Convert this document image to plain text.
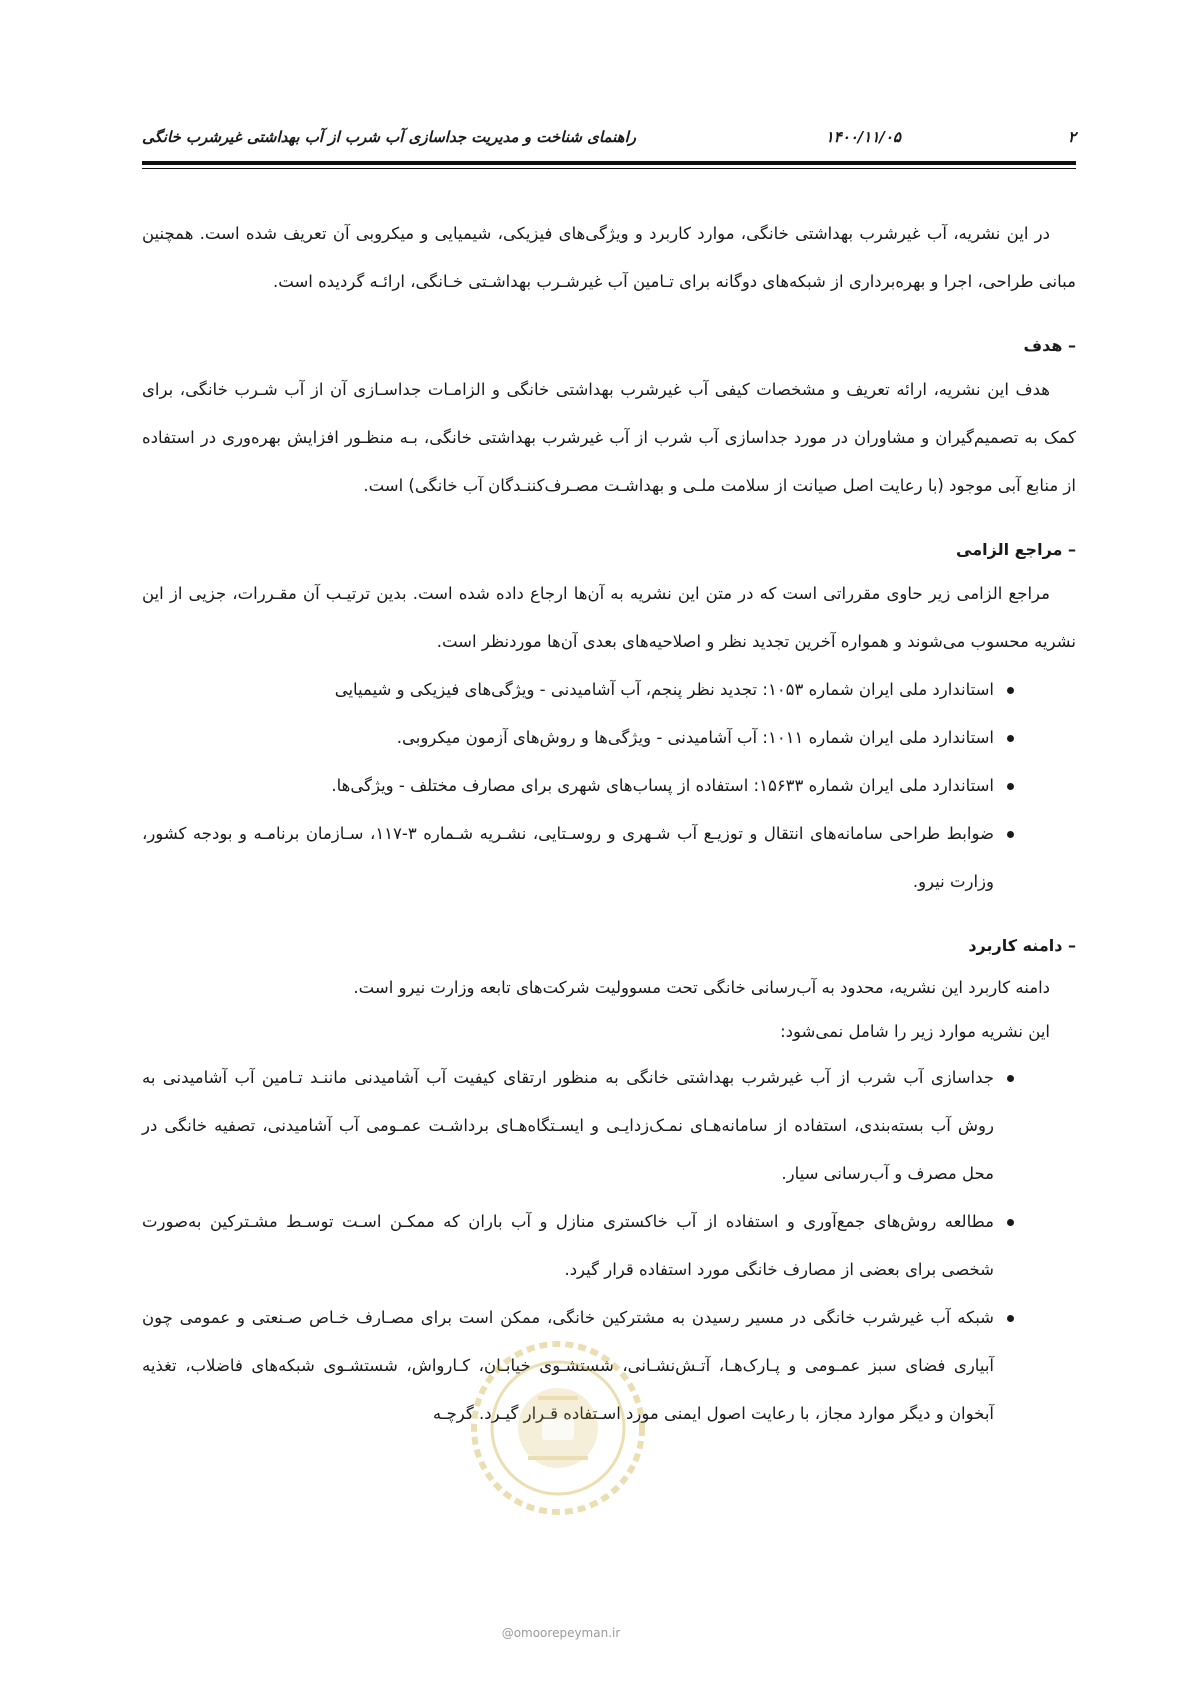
۲
۱۴۰۰/۱۱/۰۵
راهنمای شناخت و مدیریت جداسازی آب شرب از آب بهداشتی غیرشرب خانگی

در این نشریه، آب غیرشرب بهداشتی خانگی، موارد کاربرد و ویژگی‌های فیزیکی، شیمیایی و میکروبی آن تعریف شده است. همچنین مبانی طراحی، اجرا و بهره‌برداری از شبکه‌های دوگانه برای تـامین آب غیرشـرب بهداشـتی خـانگی، ارائـه گردیده است.

– هدف

هدف این نشریه، ارائه تعریف و مشخصات کیفی آب غیرشرب بهداشتی خانگی و الزامـات جداسـازی آن از آب شـرب خانگی، برای کمک به تصمیم‌گیران و مشاوران در مورد جداسازی آب شرب از آب غیرشرب بهداشتی خانگی، بـه منظـور افزایش بهره‌وری در استفاده از منابع آبی موجود (با رعایت اصل صیانت از سلامت ملـی و بهداشـت مصـرف‌کننـدگان آب خانگی) است.

– مراجع الزامی

مراجع الزامی زیر حاوی مقرراتی است که در متن این نشریه به آن‌ها ارجاع داده شده است. بدین ترتیـب آن مقـررات، جزیی از این نشریه محسوب می‌شوند و همواره آخرین تجدید نظر و اصلاحیه‌های بعدی آن‌ها موردنظر است.

استاندارد ملی ایران شماره ۱۰۵۳: تجدید نظر پنجم، آب آشامیدنی - ویژگی‌های فیزیکی و شیمیایی
استاندارد ملی ایران شماره ۱۰۱۱: آب آشامیدنی - ویژگی‌ها و روش‌های آزمون میکروبی.
استاندارد ملی ایران شماره ۱۵۶۳۳: استفاده از پساب‌های شهری برای مصارف مختلف - ویژگی‌ها.
ضوابط طراحی سامانه‌های انتقال و توزیـع آب شـهری و روسـتایی، نشـریه شـماره ۳-۱۱۷، سـازمان برنامـه و بودجه کشور، وزارت نیرو.
– دامنه کاربرد

دامنه کاربرد این نشریه، محدود به آب‌رسانی خانگی تحت مسوولیت شرکت‌های تابعه وزارت نیرو است.

این نشریه موارد زیر را شامل نمی‌شود:

جداسازی آب شرب از آب غیرشرب بهداشتی خانگی به منظور ارتقای کیفیت آب آشامیدنی ماننـد تـامین آب آشامیدنی به روش آب بسته‌بندی، استفاده از سامانه‌هـای نمـک‌زدایـی و ایسـتگاه‌هـای برداشـت عمـومی آب آشامیدنی، تصفیه خانگی در محل مصرف و آب‌رسانی سیار.
مطالعه روش‌های جمع‌آوری و استفاده از آب خاکستری منازل و آب باران که ممکـن اسـت توسـط مشـترکین به‌صورت شخصی برای بعضی از مصارف خانگی مورد استفاده قرار گیرد.
شبکه آب غیرشرب خانگی در مسیر رسیدن به مشترکین خانگی، ممکن است برای مصـارف خـاص صـنعتی و عمومی چون آبیاری فضای سبز عمـومی و پـارک‌هـا، آتـش‌نشـانی، شستشـوی خیابـان، کـارواش، شستشـوی شبکه‌های فاضلاب، تغذیه آبخوان و دیگر موارد مجاز، با رعایت اصول ایمنی مورد اسـتفاده قـرار گیـرد. گرچـه
@omoorepeyman.ir
